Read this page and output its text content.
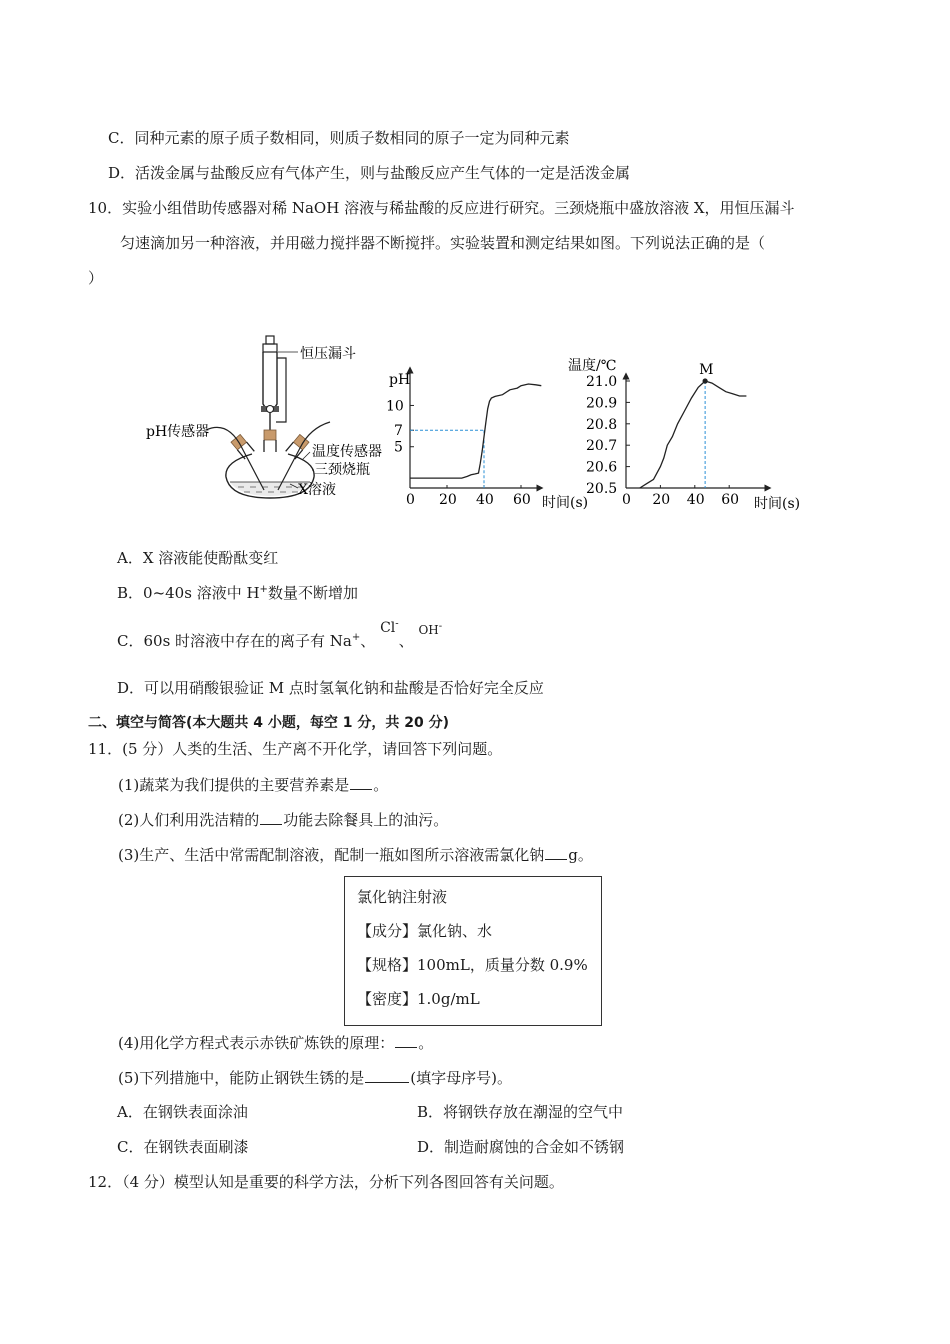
C．同种元素的原子质子数相同，则质子数相同的原子一定为同种元素
D．活泼金属与盐酸反应有气体产生，则与盐酸反应产生气体的一定是活泼金属
10．实验小组借助传感器对稀 NaOH 溶液与稀盐酸的反应进行研究。三颈烧瓶中盛放溶液 X，用恒压漏斗
匀速滴加另一种溶液，并用磁力搅拌器不断搅拌。实验装置和测定结果如图。下列说法正确的是（
）
恒压漏斗
pH传感器
温度传感器
三颈烧瓶
X溶液
pH
时间(s)
0 20 40 60
5
7
10
温度/℃
时间(s)
0 20 40 60
20.5
20.6
20.7
20.8
20.9
21.0
M
A．X 溶液能使酚酞变红
B．0~40s 溶液中 H+数量不断增加
C．60s 时溶液中存在的离子有 Na+、 Cl-、 $^{OH^-}$
D．可以用硝酸银验证 M 点时氢氧化钠和盐酸是否恰好完全反应
二、填空与简答(本大题共 4 小题，每空 1 分，共 20 分)
11．(5 分）人类的生活、生产离不开化学，请回答下列问题。
(1)蔬菜为我们提供的主要营养素是 。
(2)人们利用洗洁精的 功能去除餐具上的油污。
(3)生产、生活中常需配制溶液，配制一瓶如图所示溶液需氯化钠 g。
氯化钠注射液
【成分】氯化钠、水
【规格】100mL，质量分数 0.9%
【密度】1.0g/mL
(4)用化学方程式表示赤铁矿炼铁的原理： 。
(5)下列措施中，能防止钢铁生锈的是	(填字母序号)。
A．在钢铁表面涂油	B．将钢铁存放在潮湿的空气中
C．在钢铁表面刷漆	D．制造耐腐蚀的合金如不锈钢
12．（4 分）模型认知是重要的科学方法，分析下列各图回答有关问题。
